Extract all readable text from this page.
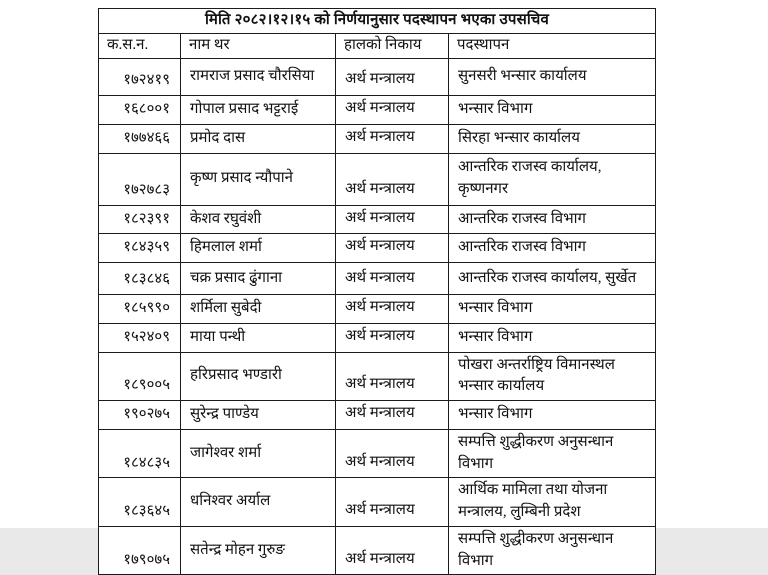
मिति २०८२।१२।१५ को निर्णयानुसार पदस्थापन भएका उपसचिव			
क.स.न.	नाम थर	हालको निकाय	पदस्थापन
१७२४१९	रामराज प्रसाद चौरसिया	अर्थ मन्त्रालय	सुनसरी भन्सार कार्यालय
१६८००१	गोपाल प्रसाद भट्टराई	अर्थ मन्त्रालय	भन्सार विभाग
१७७४६६	प्रमोद दास	अर्थ मन्त्रालय	सिरहा भन्सार कार्यालय
१७२७८३	कृष्ण प्रसाद न्यौपाने	अर्थ मन्त्रालय	आन्तरिक राजस्व कार्यालय, कृष्णनगर
१८२३९१	केशव रघुवंशी	अर्थ मन्त्रालय	आन्तरिक राजस्व विभाग
१८४३५९	हिमलाल शर्मा	अर्थ मन्त्रालय	आन्तरिक राजस्व विभाग
१८३८४६	चक्र प्रसाद ढुंगाना	अर्थ मन्त्रालय	आन्तरिक राजस्व कार्यालय, सुर्खेत
१८५९९०	शर्मिला सुबेदी	अर्थ मन्त्रालय	भन्सार विभाग
१५२४०९	माया पन्थी	अर्थ मन्त्रालय	भन्सार विभाग
१८९००५	हरिप्रसाद भण्डारी	अर्थ मन्त्रालय	पोखरा अन्तर्राष्ट्रिय विमानस्थल भन्सार कार्यालय
१९०२७५	सुरेन्द्र पाण्डेय	अर्थ मन्त्रालय	भन्सार विभाग
१८४८३५	जागेश्वर शर्मा	अर्थ मन्त्रालय	सम्पत्ति शुद्धीकरण अनुसन्धान विभाग
१८३६४५	धनिश्वर अर्याल	अर्थ मन्त्रालय	आर्थिक मामिला तथा योजना मन्त्रालय, लुम्बिनी प्रदेश
१७९०७५	सतेन्द्र मोहन गुरुङ	अर्थ मन्त्रालय	सम्पत्ति शुद्धीकरण अनुसन्धान विभाग
